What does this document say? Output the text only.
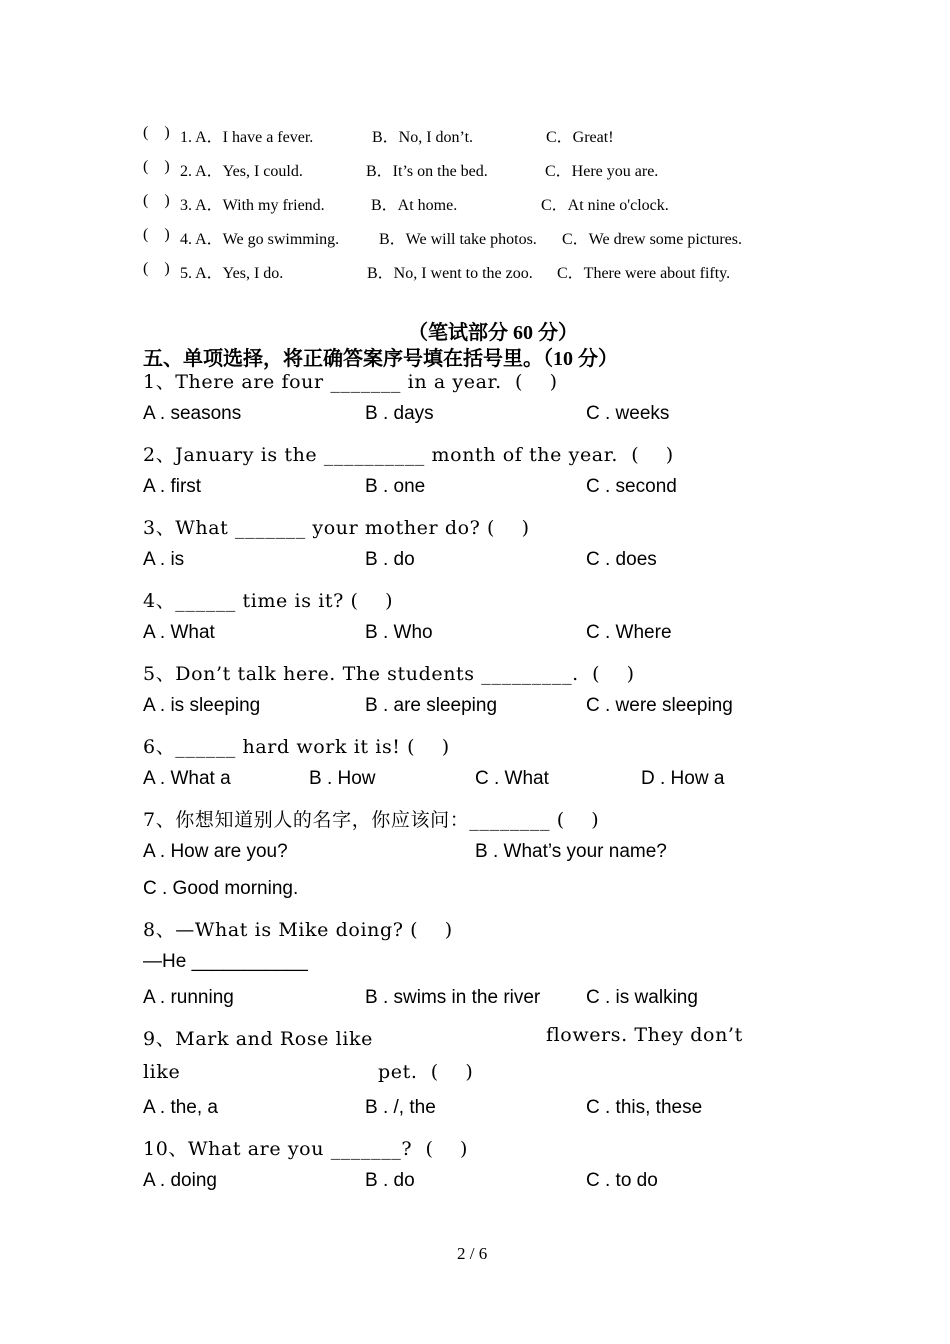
(    ) 1. A．I have a fever.	B．No, I don’t.	C．Great!
(    ) 2. A．Yes, I could.	B．It’s on the bed.	C．Here you are.
(    ) 3. A．With my friend.	B．At home.	C．At nine o'clock.
(    ) 4. A．We go swimming. B．We will take photos. C．We drew some pictures.
(    ) 5. A．Yes, I do.	B．No, I went to the zoo. C．There were about fifty.
（笔试部分 60 分）
五、单项选择，将正确答案序号填在括号里。（10 分）
1、There are four _______ in a year.  (    )
A . seasons	B . days	C . weeks
2、January is the __________ month of the year.  (    )
A . first	B . one	C . second
3、What _______ your mother do? (    )
A . is	B . do	C . does
4、______ time is it? (    )
A . What	B . Who	C . Where
5、Don’t talk here. The students _________.  (    )
A . is sleeping	B . are sleeping	C . were sleeping
6、______ hard work it is! (    )
A . What a	B . How	C . What	D . How a
7、你想知道别人的名字，你应该问：________ (    )
A . How are you?	B . What’s your name?
C . Good morning.
8、—What is Mike doing? (    )
—He ___________
A . running	B . swims in the river C . is walking
9、Mark and Rose like	flowers. They don’t
like	pet.  (    )
A . the, a	B . /, the	C . this, these
10、What are you _______?  (    )
A . doing	B . do	C . to do
2 / 6
